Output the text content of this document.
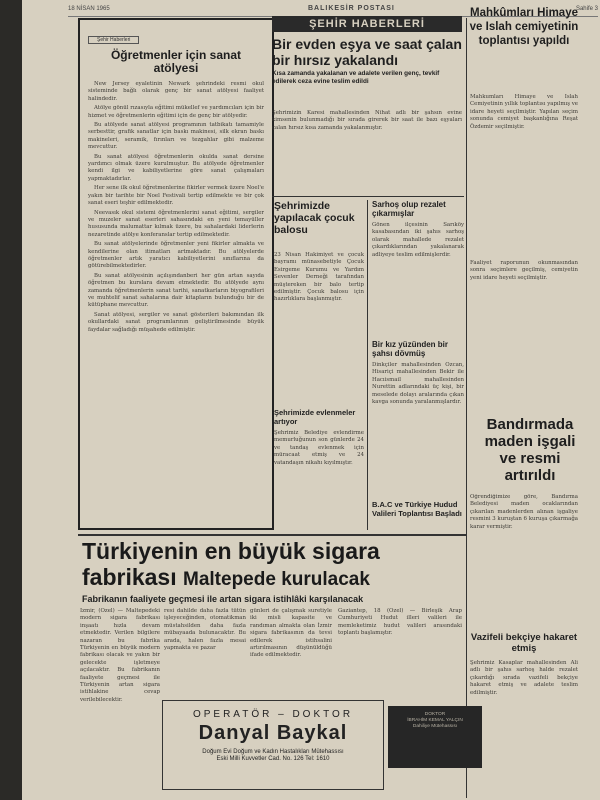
18 NİSAN 1965	BALIKESİR POSTASI	Sahife 3
Şehir Haberleri
Öğretmenler için sanat atölyesi

New Jersey eyaletinin Newark şehrindeki resmi okul sisteminde bağlı olarak genç bir sanat atölyesi faaliyet halindedir.

Atölye gönül rızasıyla eğitimi mükellef ve yardımcıları için bir hizmet ve öğretmenlerin eğitimi için de genç bir atölyedir.

Bu atölyede sanat atölyesi programının tatbikatı tamamiyle serbesttir, grafik sanatlar için baskı makinesi, silk ekran baskı makineleri, seramik, fırınları ve tezgahlar gibi malzeme mevcuttur.

Bu sanat atölyesi öğretmenlerin okulda sanat dersine yardımcı olmak üzere kurulmuştur. Bu atölyede öğretmenler kendi ilgi ve kabiliyetlerine göre sanat çalışmaları yapmaktadırlar.

Her sene ilk okul öğretmenlerine fikirler vermek üzere Noel'e yakın bir tarihte bir Noel Festivali tertip edilmekte ve bir çok sanat eseri teşhir edilmektedir.

Neevasık okul sistemi öğretmenlerini sanat eğitimi, sergiler ve muzeler sanat eserleri sahasındaki en yeni temayüller hususunda malumattar kılmak üzere, bu sahalardaki liderlerin nezaretinde atölye konferanslar tertip edilmektedir.

Bu sanat atölyelerinde öğretmenler yeni fikirler almakta ve kendilerine olan itimatları artmaktadır. Bu atölyelerde öğretmenler artık yaratıcı kabiliyetlerini sınıflarına da götürebilmektedirler.

Bu sanat atölyesinin açılışındanberi her gün artan sayıda öğretmen bu kurslara devam etmektedir. Bu atölyede aynı zamanda öğretmenlerin sanat tarihi, sanatkarların biyografileri ve muhtelif sanat sahalarına dair kitapların bulunduğu bir de kütüphane mevcuttur.

Sanat atölyesi, sergiler ve sanat gösterileri bakımından ilk okullardaki sanat programlarının geliştirilmesinde büyük faydalar sağladığı müşahede edilmiştir.

ŞEHİR HABERLERİ
Bir evden eşya ve saat çalan bir hırsız yakalandı
Kısa zamanda yakalanan ve adalete verilen genç, tevkif edilerek ceza evine teslim edildi
Şehrimizin Karesi mahallesinden Nihat adlı bir şahsın evine kimsenin bulunmadığı bir sırada girerek bir saat ile bazı eşyaları çalan hırsız kısa zamanda yakalanmıştır.
Şehrimizde yapılacak çocuk balosu
23 Nisan Hakimiyet ve çocuk bayramı münasebetiyle Çocuk Esirgeme Kurumu ve Yardım Sevenler Derneği tarafından müştereken bir balo tertip edilmiştir. Çocuk balosu için hazırlıklara başlanmıştır.
Sarhoş olup rezalet çıkarmışlar
Gönen ilçesinin Sarıköy kasabasından iki şahıs sarhoş olarak mahallede rezalet çıkardıklarından yakalanarak adliyeye teslim edilmişlerdir.
Bir kız yüzünden bir şahsı dövmüş
Dinkçiler mahallesinden Özcan, Hisariçi mahallesinden Bekir ile Hacıismail mahallesinden Nurettin adlarındaki üç kişi, bir meselede dolayı aralarında çıkan kavga sonunda yaralanmışlardır.
Şehrimizde evlenmeler artıyor
Şehrimiz Belediye evlendirme memurluğunun son günlerde 24 ve tandaş evlenmek için müracaat etmiş ve 24 vatandaşın nikahı kıyılmıştır.
B.A.C ve Türkiye Hudud Valileri Toplantısı Başladı
Mahkûmları Himaye ve Islah cemiyetinin toplantısı yapıldı
Mahkumları Himaye ve Islah Cemiyetinin yıllık toplantısı yapılmış ve idare heyeti seçilmiştir. Yapılan seçim sonunda cemiyet başkanlığına Reşat Özdemir seçilmiştir.
Faaliyet raporunun okunmasından sonra seçimlere geçilmiş, cemiyetin yeni idare heyeti seçilmiştir.
Bandırmada maden işgali ve resmi artırıldı
Öğrendiğimize göre, Bandırma Belediyesi maden ocaklarından çıkarılan madenlerden alınan işgaliye resmini 3 kuruştan 6 kuruşa çıkarmağa karar vermiştir.
Vazifeli bekçiye hakaret etmiş
Şehrimiz Kasaplar mahallesinden Ali adlı bir şahıs sarhoş halde rezalet çıkardığı sırada vazifeli bekçiye hakaret etmiş ve adalete teslim edilmiştir.
Türkiyenin en büyük sigara
fabrikası Maltepede kurulacak
Fabrikanın faaliyete geçmesi ile artan sigara istihlâki karşılanacak
İzmir, (Özel) — Maltepedeki modern sigara fabrikası inşaatı hızla devam etmektedir. Verilen bilgilere nazaran bu fabrika Türkiyenin en büyük modern fabrikası olacak ve yakın bir gelecekte işletmeye açılacaktır. Bu fabrikanın faaliyete geçmesi ile Türkiyenin artan sigara istihlakine cevap verilebilecektir.
resi dahilde daha fazla tütün işleyeceğinden, otomatikman müstahsilden daha fazla mübayaada bulunacaktır. Bu arada, halen fazla mesai yapmakta ve pazar
günleri de çalışmak suretiyle iki misli kapasite ve randıman almakta olan İzmir sigara fabrikasının da tevsi edilerek istihsalini artırılmasının düşünüldüğü ifade edilmektedir.
Gaziantep, 18 (Özel) — Birleşik Arap Cumhuriyeti Hudut illeri valileri ile memleketimiz hudut valileri arasındaki toplantı başlamıştır.
OPERATÖR – DOKTOR
Danyal Baykal
Doğum Evi Doğum ve Kadın Hastalıkları Mütehassısı
Eski Milli Kuvvetler Cad. No. 126 Tel: 1610
DOKTOR
İBRAHİM KEMAL YALÇIN
Dahiliye Mütehassısı
